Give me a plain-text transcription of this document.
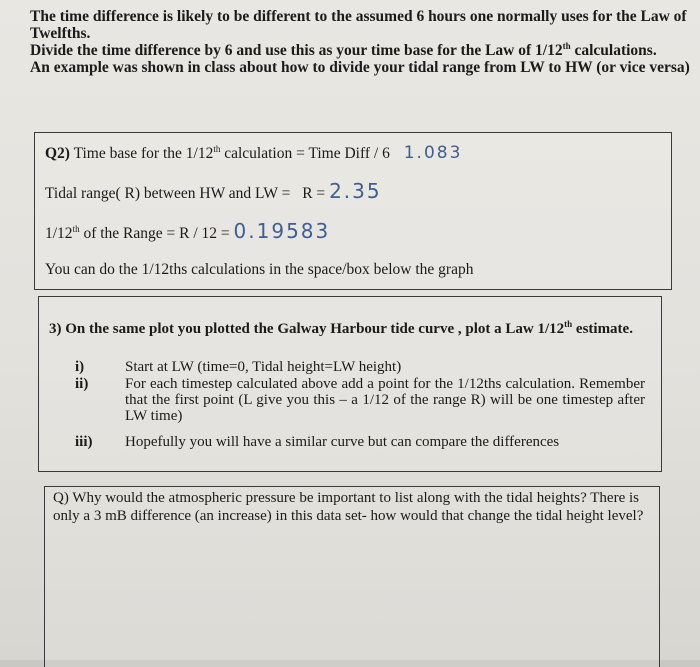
The time difference is likely to be different to the assumed 6 hours one normally uses for the Law of Twelfths.

Divide the time difference by 6 and use this as your time base for the Law of 1/12th calculations.

An example was shown in class about how to divide your tidal range from LW to HW (or vice versa)

Q2) Time base for the 1/12th calculation = Time Diff / 6 1.083
Tidal range( R) between HW and LW = R = 2.35
1/12th of the Range = R / 12 = 0.19583
You can do the 1/12ths calculations in the space/box below the graph
3) On the same plot you plotted the Galway Harbour tide curve , plot a Law 1/12th estimate.
i)	Start at LW (time=0, Tidal height=LW height)
ii) For each timestep calculated above add a point for the 1/12ths calculation. Remember that the first point (L give you this – a 1/12 of the range R) will be one timestep after LW time)
iii) Hopefully you will have a similar curve but can compare the differences
Q) Why would the atmospheric pressure be important to list along with the tidal heights? There is only a 3 mB difference (an increase) in this data set- how would that change the tidal height level?
